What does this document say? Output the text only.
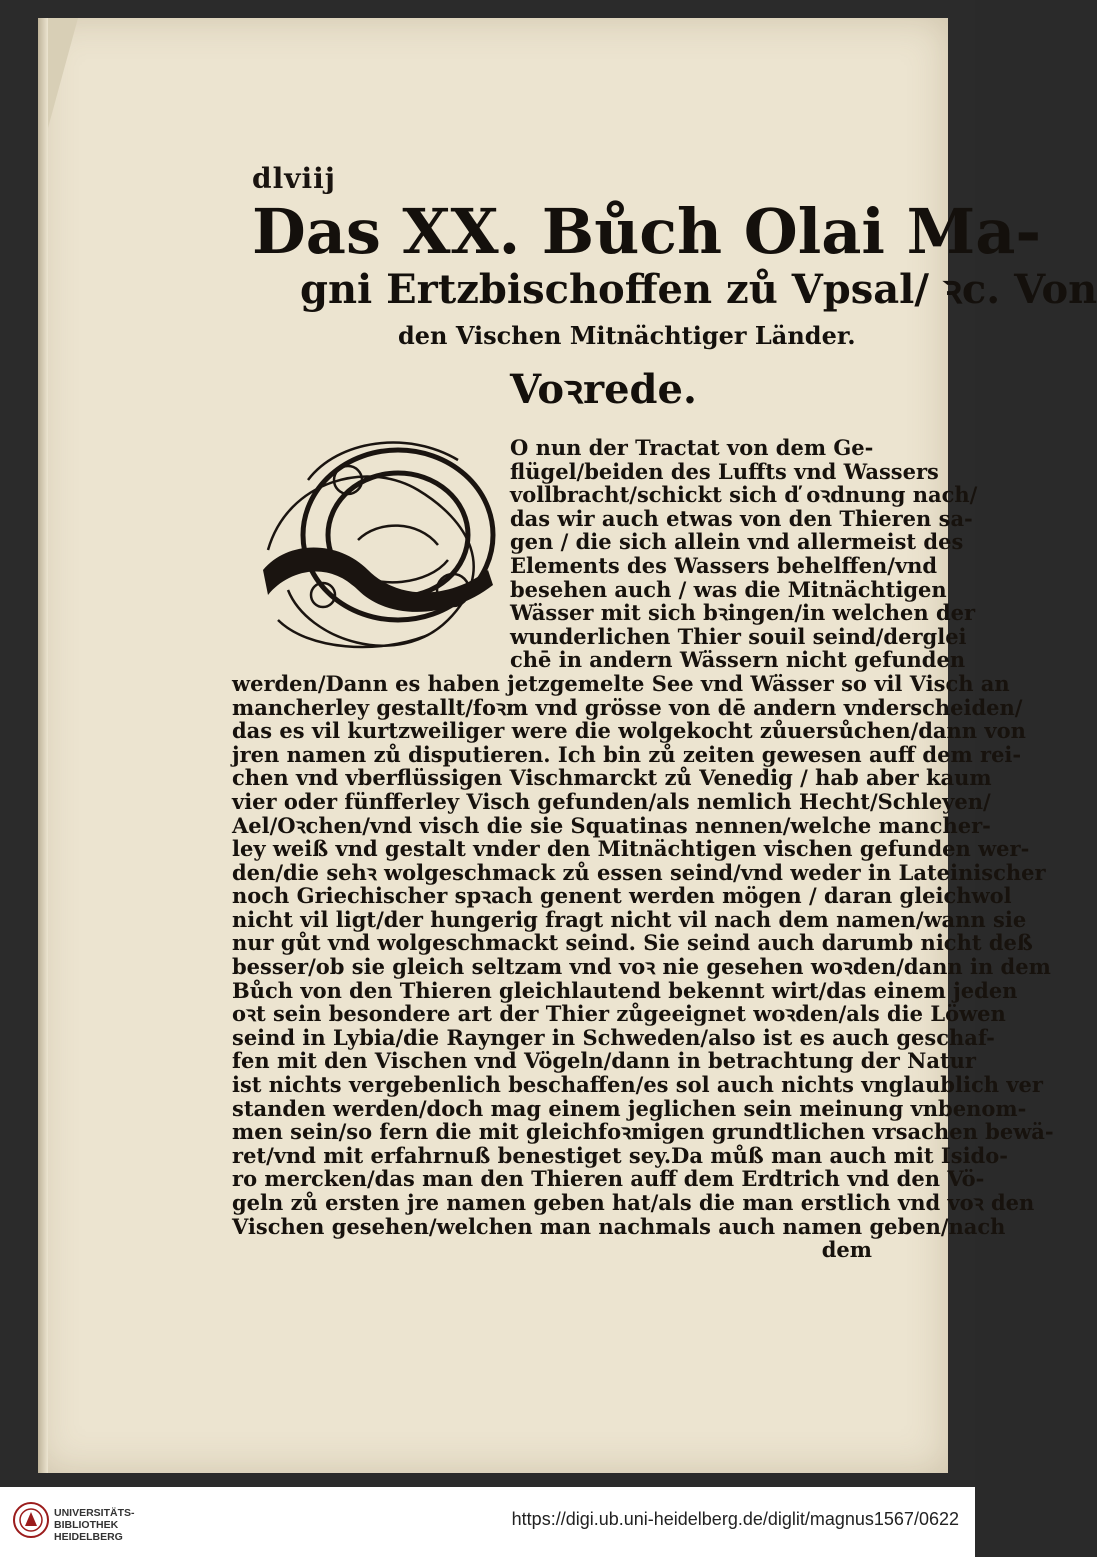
dlviij
Das XX. Bůch Olai Ma-
gni Ertzbischoffen zů Vpsal/ ꝛc. Von
den Vischen Mitnächtiger Länder.
Voꝛrede.
O nun der Tractat von dem Ge-
flügel/beiden des Luffts vnd Wassers
vollbracht/schickt sich ď oꝛdnung nach/
das wir auch etwas von den Thieren sa-
gen / die sich allein vnd allermeist des
Elements des Wassers behelffen/vnd
besehen auch / was die Mitnächtigen
Wässer mit sich bꝛingen/in welchen der
wunderlichen Thier souil seind/derglei
chē in andern Wässern nicht gefunden
werden/Dann es haben jetzgemelte See vnd Wässer so vil Visch an
mancherley gestallt/foꝛm vnd grösse von dē andern vnderscheiden/
das es vil kurtzweiliger were die wolgekocht zůuersůchen/dann von
jren namen zů disputieren. Ich bin zů zeiten gewesen auff dem rei-
chen vnd vberflüssigen Vischmarckt zů Venedig / hab aber kaum
vier oder fünfferley Visch gefunden/als nemlich Hecht/Schleyen/
Ael/Oꝛchen/vnd visch die sie Squatinas nennen/welche mancher-
ley weiß vnd gestalt vnder den Mitnächtigen vischen gefunden wer-
den/die sehꝛ wolgeschmack zů essen seind/vnd weder in Lateinischer
noch Griechischer spꝛach genent werden mögen / daran gleichwol
nicht vil ligt/der hungerig fragt nicht vil nach dem namen/wann sie
nur gůt vnd wolgeschmackt seind. Sie seind auch darumb nicht deß
besser/ob sie gleich seltzam vnd voꝛ nie gesehen woꝛden/dann in dem
Bůch von den Thieren gleichlautend bekennt wirt/das einem jeden
oꝛt sein besondere art der Thier zůgeeignet woꝛden/als die Löwen
seind in Lybia/die Raynger in Schweden/also ist es auch geschaf-
fen mit den Vischen vnd Vögeln/dann in betrachtung der Natur
ist nichts vergebenlich beschaffen/es sol auch nichts vnglaublich ver
standen werden/doch mag einem jeglichen sein meinung vnbenom-
men sein/so fern die mit gleichfoꝛmigen grundtlichen vrsachen bewä-
ret/vnd mit erfahrnuß benestiget sey.Da můß man auch mit Isido-
ro mercken/das man den Thieren auff dem Erdtrich vnd den Vö-
geln zů ersten jre namen geben hat/als die man erstlich vnd voꝛ den
Vischen gesehen/welchen man nachmals auch namen geben/nach
dem
UNIVERSITÄTS-
BIBLIOTHEK
HEIDELBERG
https://digi.ub.uni-heidelberg.de/diglit/magnus1567/0622
